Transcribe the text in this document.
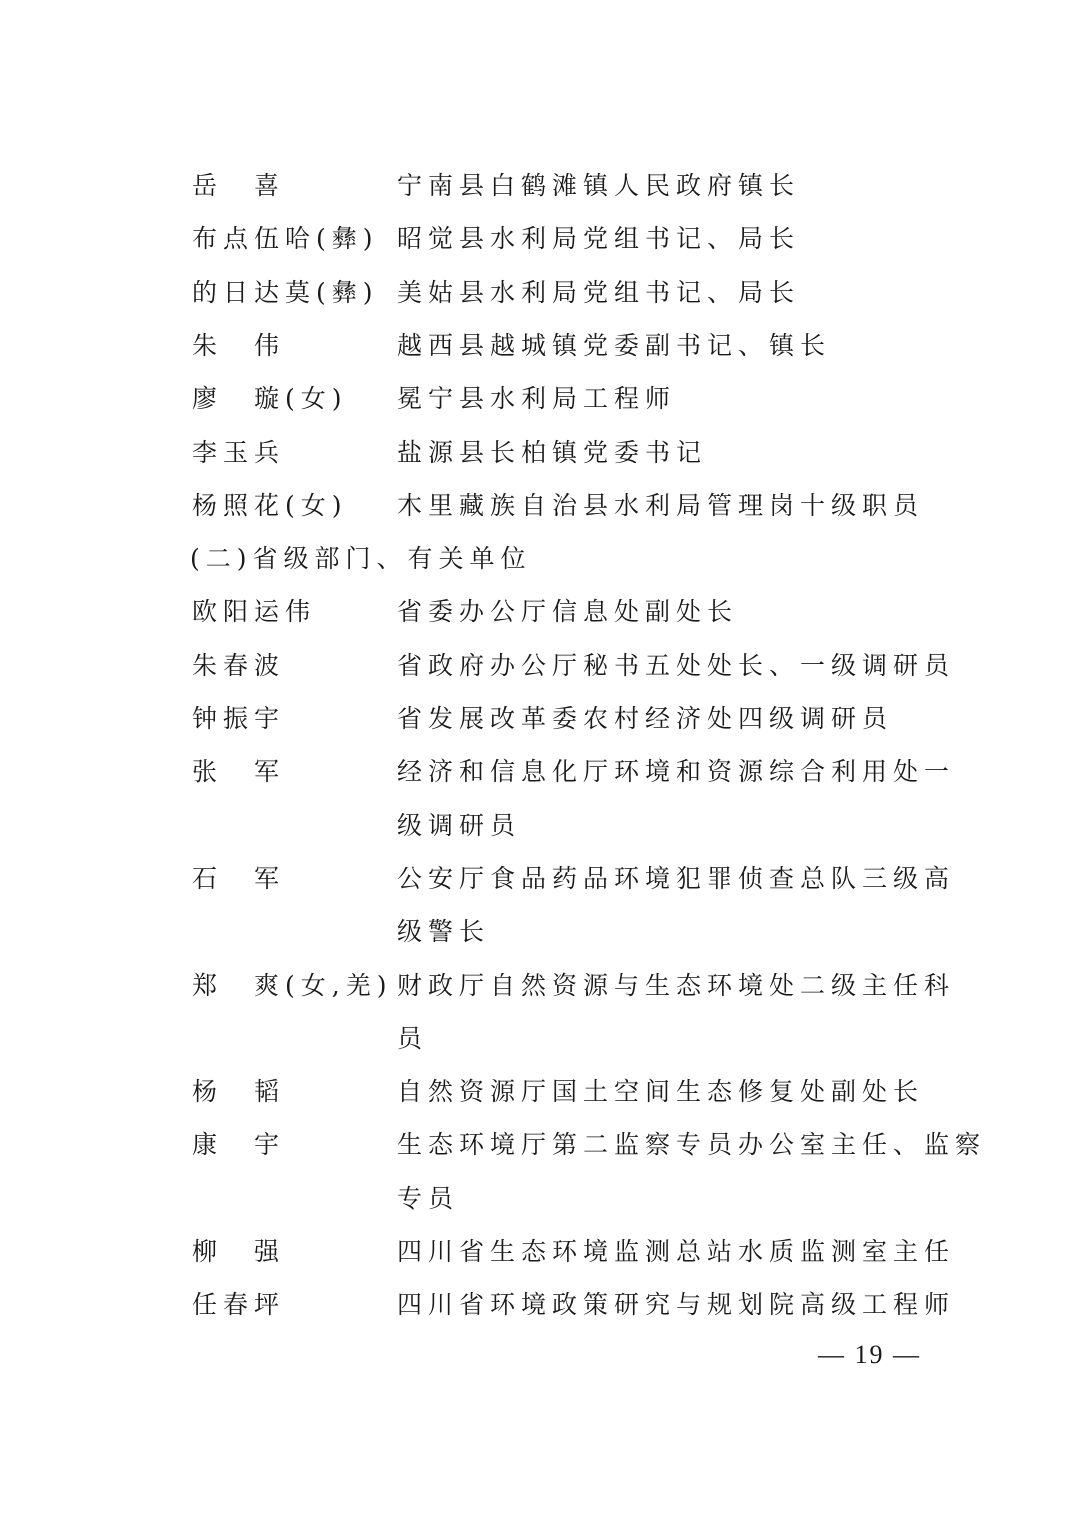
岳　喜	宁南县白鹤滩镇人民政府镇长
布点伍哈(彝) 昭觉县水利局党组书记、局长
的日达莫(彝) 美姑县水利局党组书记、局长
朱　伟	越西县越城镇党委副书记、镇长
廖　璇(女) 冕宁县水利局工程师
李玉兵	盐源县长柏镇党委书记
杨照花(女) 木里藏族自治县水利局管理岗十级职员
(二)省级部门、有关单位
欧阳运伟	省委办公厅信息处副处长
朱春波	省政府办公厅秘书五处处长、一级调研员
钟振宇	省发展改革委农村经济处四级调研员
张　军	经济和信息化厅环境和资源综合利用处一
级调研员
石　军	公安厅食品药品环境犯罪侦查总队三级高
级警长
郑　爽(女,羌) 财政厅自然资源与生态环境处二级主任科
员
杨　韬	自然资源厅国土空间生态修复处副处长
康　宇	生态环境厅第二监察专员办公室主任、监察
专员
柳　强	四川省生态环境监测总站水质监测室主任
任春坪	四川省环境政策研究与规划院高级工程师
— 19 —
